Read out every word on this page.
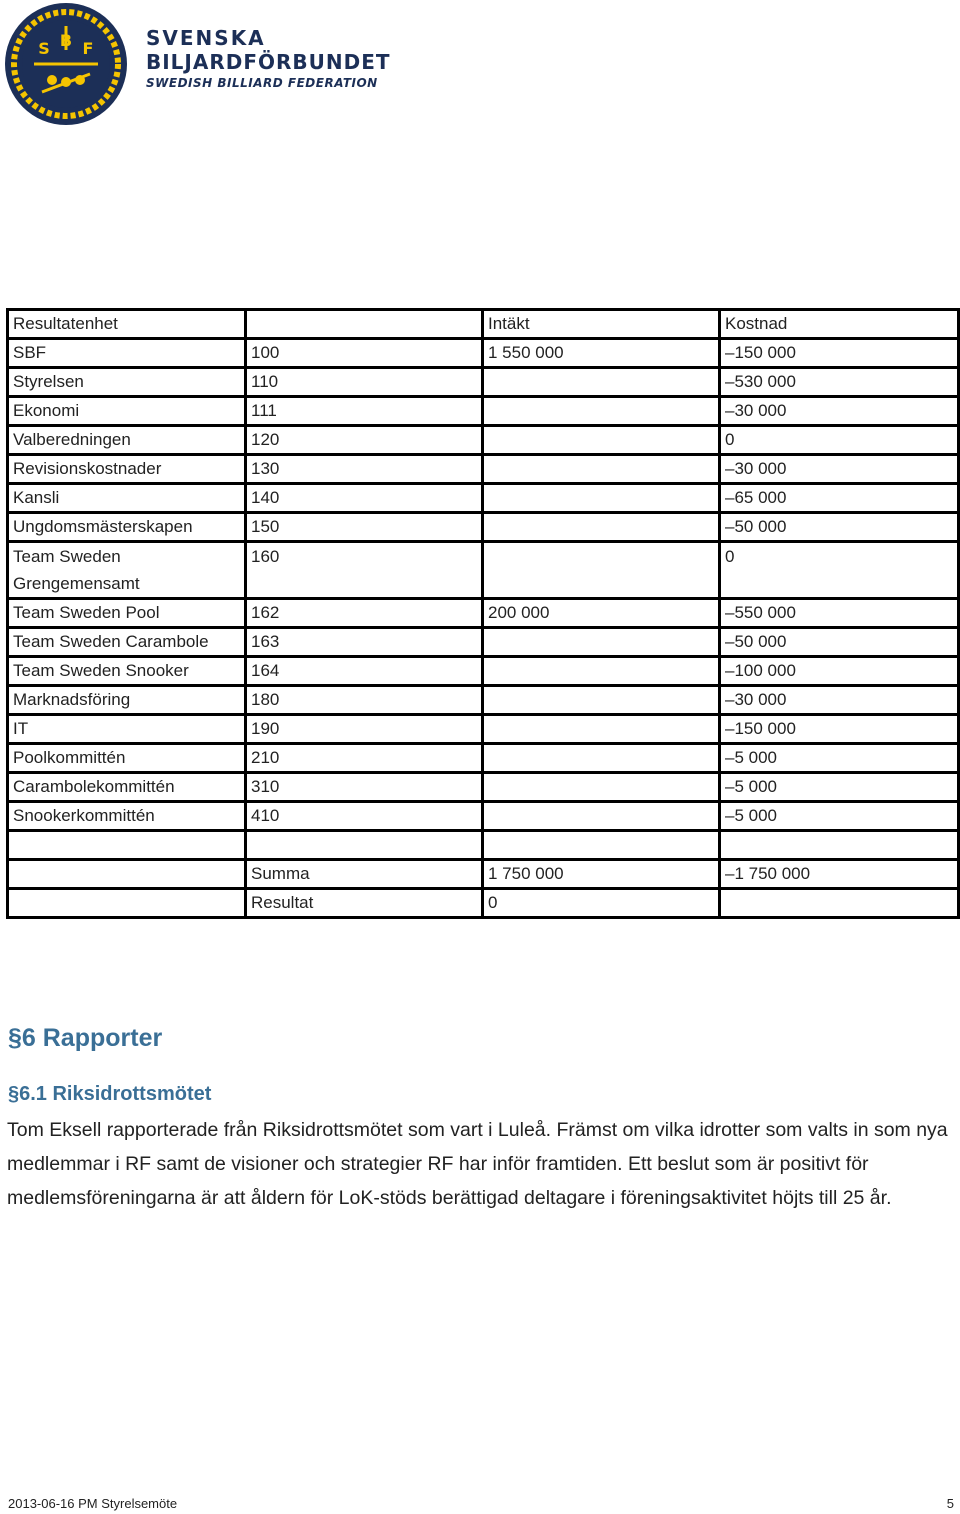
S F
B	SVENSKA
BILJARDFÖRBUNDET
SWEDISH BILLIARD FEDERATION
Resultatenhet		Intäkt	Kostnad
SBF	100	1 550 000	–150 000
Styrelsen	110		–530 000
Ekonomi	111		–30 000
Valberedningen	120		0
Revisionskostnader	130		–30 000
Kansli	140		–65 000
Ungdomsmästerskapen	150		–50 000
Team Sweden
Grengemensamt	160		0
Team Sweden Pool	162	200 000	–550 000
Team Sweden Carambole	163		–50 000
Team Sweden Snooker	164		–100 000
Marknadsföring	180		–30 000
IT	190		–150 000
Poolkommittén	210		–5 000
Carambolekommittén	310		–5 000
Snookerkommittén	410		–5 000

	Summa	1 750 000	–1 750 000
	Resultat	0	
§6 Rapporter
§6.1 Riksidrottsmötet

Tom Eksell rapporterade från Riksidrottsmötet som vart i Luleå. Främst om vilka idrotter som valts in som nya medlemmar i RF samt de visioner och strategier RF har inför framtiden. Ett beslut som är positivt för medlemsföreningarna är att åldern för LoK-stöds berättigad deltagare i föreningsaktivitet höjts till 25 år.

2013-06-16 PM Styrelsemöte	5
